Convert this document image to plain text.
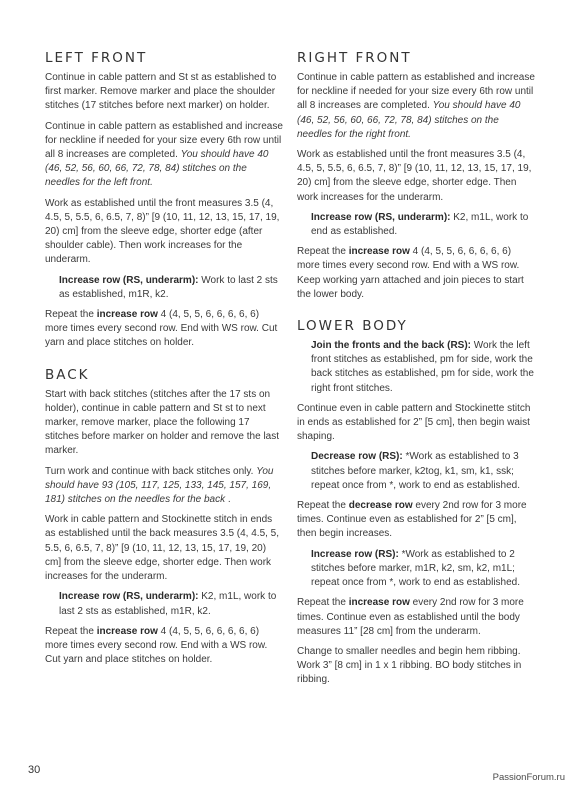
LEFT FRONT

Continue in cable pattern and St st as established to first marker. Remove marker and place the shoulder stitches (17 stitches before next marker) on holder.

Continue in cable pattern as established and increase for neckline if needed for your size every 6th row until all 8 increases are completed. You should have 40 (46, 52, 56, 60, 66, 72, 78, 84) stitches on the needles for the left front.

Work as established until the front measures 3.5 (4, 4.5, 5, 5.5, 6, 6.5, 7, 8)” [9 (10, 11, 12, 13, 15, 17, 19, 20) cm] from the sleeve edge, shorter edge (after shoulder cable). Then work increases for the underarm.

Increase row (RS, underarm): Work to last 2 sts as established, m1R, k2.

Repeat the increase row 4 (4, 5, 5, 6, 6, 6, 6, 6) more times every second row. End with WS row. Cut yarn and place stitches on holder.

BACK

Start with back stitches (stitches after the 17 sts on holder), continue in cable pattern and St st to next marker, remove marker, place the following 17 stitches before marker on holder and remove the last marker.

Turn work and continue with back stitches only. You should have 93 (105, 117, 125, 133, 145, 157, 169, 181) stitches on the needles for the back .

Work in cable pattern and Stockinette stitch in ends as established until the back measures 3.5 (4, 4.5, 5, 5.5, 6, 6.5, 7, 8)” [9 (10, 11, 12, 13, 15, 17, 19, 20) cm] from the sleeve edge, shorter edge. Then work increases for the underarm.

Increase row (RS, underarm): K2, m1L, work to last 2 sts as established, m1R, k2.

Repeat the increase row 4 (4, 5, 5, 6, 6, 6, 6, 6) more times every second row. End with a WS row. Cut yarn and place stitches on holder.

RIGHT FRONT

Continue in cable pattern as established and increase for neckline if needed for your size every 6th row until all 8 increases are completed. You should have 40 (46, 52, 56, 60, 66, 72, 78, 84) stitches on the needles for the right front.

Work as established until the front measures 3.5 (4, 4.5, 5, 5.5, 6, 6.5, 7, 8)” [9 (10, 11, 12, 13, 15, 17, 19, 20) cm] from the sleeve edge, shorter edge. Then work increases for the underarm.

Increase row (RS, underarm): K2, m1L, work to end as established.

Repeat the increase row 4 (4, 5, 5, 6, 6, 6, 6, 6) more times every second row. End with a WS row. Keep working yarn attached and join pieces to start the lower body.

LOWER BODY

Join the fronts and the back (RS): Work the left front stitches as established, pm for side, work the back stitches as established, pm for side, work the right front stitches.

Continue even in cable pattern and Stockinette stitch in ends as established for 2” [5 cm], then begin waist shaping.

Decrease row (RS): *Work as established to 3 stitches before marker, k2tog, k1, sm, k1, ssk; repeat once from *, work to end as established.

Repeat the decrease row every 2nd row for 3 more times. Continue even as established for 2” [5 cm], then begin increases.

Increase row (RS): *Work as established to 2 stitches before marker, m1R, k2, sm, k2, m1L; repeat once from *, work to end as established.

Repeat the increase row every 2nd row for 3 more times. Continue even as established until the body measures 11” [28 cm] from the underarm.

Change to smaller needles and begin hem ribbing. Work 3” [8 cm] in 1 x 1 ribbing. BO body stitches in ribbing.

30
PassionForum.ru
